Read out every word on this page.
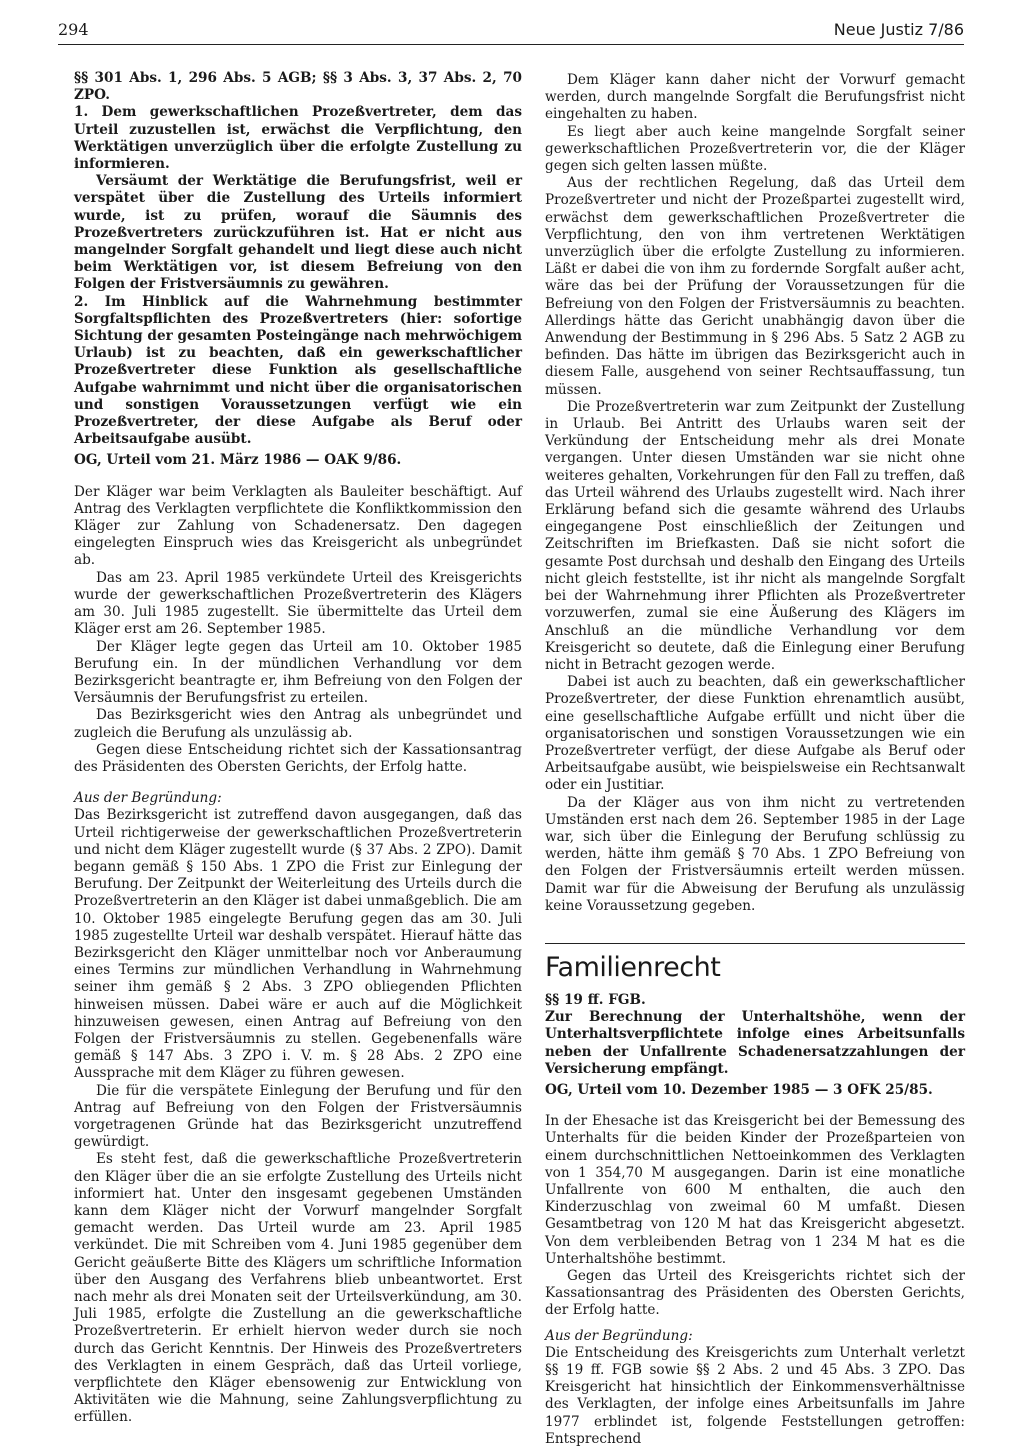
294	Neue Justiz 7/86

§§ 301 Abs. 1, 296 Abs. 5 AGB; §§ 3 Abs. 3, 37 Abs. 2, 70 ZPO.

1. Dem gewerkschaftlichen Prozeßvertreter, dem das Urteil zuzustellen ist, erwächst die Verpflichtung, den Werktätigen unverzüglich über die erfolgte Zustellung zu informieren.

Versäumt der Werktätige die Berufungsfrist, weil er verspätet über die Zustellung des Urteils informiert wurde, ist zu prüfen, worauf die Säumnis des Prozeßvertreters zurückzuführen ist. Hat er nicht aus mangelnder Sorgfalt gehandelt und liegt diese auch nicht beim Werktätigen vor, ist diesem Befreiung von den Folgen der Fristversäumnis zu gewähren.

2. Im Hinblick auf die Wahrnehmung bestimmter Sorgfaltspflichten des Prozeßvertreters (hier: sofortige Sichtung der gesamten Posteingänge nach mehrwöchigem Urlaub) ist zu beachten, daß ein gewerkschaftlicher Prozeßvertreter diese Funktion als gesellschaftliche Aufgabe wahrnimmt und nicht über die organisatorischen und sonstigen Voraussetzungen verfügt wie ein Prozeßvertreter, der diese Aufgabe als Beruf oder Arbeitsaufgabe ausübt.

OG, Urteil vom 21. März 1986 — OAK 9/86.

Der Kläger war beim Verklagten als Bauleiter beschäftigt. Auf Antrag des Verklagten verpflichtete die Konfliktkommission den Kläger zur Zahlung von Schadenersatz. Den dagegen eingelegten Einspruch wies das Kreisgericht als unbegründet ab.

Das am 23. April 1985 verkündete Urteil des Kreisgerichts wurde der gewerkschaftlichen Prozeßvertreterin des Klägers am 30. Juli 1985 zugestellt. Sie übermittelte das Urteil dem Kläger erst am 26. September 1985.

Der Kläger legte gegen das Urteil am 10. Oktober 1985 Berufung ein. In der mündlichen Verhandlung vor dem Bezirksgericht beantragte er, ihm Befreiung von den Folgen der Versäumnis der Berufungsfrist zu erteilen.

Das Bezirksgericht wies den Antrag als unbegründet und zugleich die Berufung als unzulässig ab.

Gegen diese Entscheidung richtet sich der Kassationsantrag des Präsidenten des Obersten Gerichts, der Erfolg hatte.

Aus der Begründung:

Das Bezirksgericht ist zutreffend davon ausgegangen, daß das Urteil richtigerweise der gewerkschaftlichen Prozeßvertreterin und nicht dem Kläger zugestellt wurde (§ 37 Abs. 2 ZPO). Damit begann gemäß § 150 Abs. 1 ZPO die Frist zur Einlegung der Berufung. Der Zeitpunkt der Weiterleitung des Urteils durch die Prozeßvertreterin an den Kläger ist dabei unmaßgeblich. Die am 10. Oktober 1985 eingelegte Berufung gegen das am 30. Juli 1985 zugestellte Urteil war deshalb verspätet. Hierauf hätte das Bezirksgericht den Kläger unmittelbar noch vor Anberaumung eines Termins zur mündlichen Verhandlung in Wahrnehmung seiner ihm gemäß § 2 Abs. 3 ZPO obliegenden Pflichten hinweisen müssen. Dabei wäre er auch auf die Möglichkeit hinzuweisen gewesen, einen Antrag auf Befreiung von den Folgen der Fristversäumnis zu stellen. Gegebenenfalls wäre gemäß § 147 Abs. 3 ZPO i. V. m. § 28 Abs. 2 ZPO eine Aussprache mit dem Kläger zu führen gewesen.

Die für die verspätete Einlegung der Berufung und für den Antrag auf Befreiung von den Folgen der Fristversäumnis vorgetragenen Gründe hat das Bezirksgericht unzutreffend gewürdigt.

Es steht fest, daß die gewerkschaftliche Prozeßvertreterin den Kläger über die an sie erfolgte Zustellung des Urteils nicht informiert hat. Unter den insgesamt gegebenen Umständen kann dem Kläger nicht der Vorwurf mangelnder Sorgfalt gemacht werden. Das Urteil wurde am 23. April 1985 verkündet. Die mit Schreiben vom 4. Juni 1985 gegenüber dem Gericht geäußerte Bitte des Klägers um schriftliche Information über den Ausgang des Verfahrens blieb unbeantwortet. Erst nach mehr als drei Monaten seit der Urteilsverkündung, am 30. Juli 1985, erfolgte die Zustellung an die gewerkschaftliche Prozeßvertreterin. Er erhielt hiervon weder durch sie noch durch das Gericht Kenntnis. Der Hinweis des Prozeßvertreters des Verklagten in einem Gespräch, daß das Urteil vorliege, verpflichtete den Kläger ebensowenig zur Entwicklung von Aktivitäten wie die Mahnung, seine Zahlungsverpflichtung zu erfüllen.

Dem Kläger kann daher nicht der Vorwurf gemacht werden, durch mangelnde Sorgfalt die Berufungsfrist nicht eingehalten zu haben.

Es liegt aber auch keine mangelnde Sorgfalt seiner gewerkschaftlichen Prozeßvertreterin vor, die der Kläger gegen sich gelten lassen müßte.

Aus der rechtlichen Regelung, daß das Urteil dem Prozeßvertreter und nicht der Prozeßpartei zugestellt wird, erwächst dem gewerkschaftlichen Prozeßvertreter die Verpflichtung, den von ihm vertretenen Werktätigen unverzüglich über die erfolgte Zustellung zu informieren. Läßt er dabei die von ihm zu fordernde Sorgfalt außer acht, wäre das bei der Prüfung der Voraussetzungen für die Befreiung von den Folgen der Fristversäumnis zu beachten. Allerdings hätte das Gericht unabhängig davon über die Anwendung der Bestimmung in § 296 Abs. 5 Satz 2 AGB zu befinden. Das hätte im übrigen das Bezirksgericht auch in diesem Falle, ausgehend von seiner Rechtsauffassung, tun müssen.

Die Prozeßvertreterin war zum Zeitpunkt der Zustellung in Urlaub. Bei Antritt des Urlaubs waren seit der Verkündung der Entscheidung mehr als drei Monate vergangen. Unter diesen Umständen war sie nicht ohne weiteres gehalten, Vorkehrungen für den Fall zu treffen, daß das Urteil während des Urlaubs zugestellt wird. Nach ihrer Erklärung befand sich die gesamte während des Urlaubs eingegangene Post einschließlich der Zeitungen und Zeitschriften im Briefkasten. Daß sie nicht sofort die gesamte Post durchsah und deshalb den Eingang des Urteils nicht gleich feststellte, ist ihr nicht als mangelnde Sorgfalt bei der Wahrnehmung ihrer Pflichten als Prozeßvertreter vorzuwerfen, zumal sie eine Äußerung des Klägers im Anschluß an die mündliche Verhandlung vor dem Kreisgericht so deutete, daß die Einlegung einer Berufung nicht in Betracht gezogen werde.

Dabei ist auch zu beachten, daß ein gewerkschaftlicher Prozeßvertreter, der diese Funktion ehrenamtlich ausübt, eine gesellschaftliche Aufgabe erfüllt und nicht über die organisatorischen und sonstigen Voraussetzungen wie ein Prozeßvertreter verfügt, der diese Aufgabe als Beruf oder Arbeitsaufgabe ausübt, wie beispielsweise ein Rechtsanwalt oder ein Justitiar.

Da der Kläger aus von ihm nicht zu vertretenden Umständen erst nach dem 26. September 1985 in der Lage war, sich über die Einlegung der Berufung schlüssig zu werden, hätte ihm gemäß § 70 Abs. 1 ZPO Befreiung von den Folgen der Fristversäumnis erteilt werden müssen. Damit war für die Abweisung der Berufung als unzulässig keine Voraussetzung gegeben.

Familienrecht

§§ 19 ff. FGB.

Zur Berechnung der Unterhaltshöhe, wenn der Unterhaltsverpflichtete infolge eines Arbeitsunfalls neben der Unfallrente Schadenersatzzahlungen der Versicherung empfängt.

OG, Urteil vom 10. Dezember 1985 — 3 OFK 25/85.

In der Ehesache ist das Kreisgericht bei der Bemessung des Unterhalts für die beiden Kinder der Prozeßparteien von einem durchschnittlichen Nettoeinkommen des Verklagten von 1 354,70 M ausgegangen. Darin ist eine monatliche Unfallrente von 600 M enthalten, die auch den Kinderzuschlag von zweimal 60 M umfaßt. Diesen Gesamtbetrag von 120 M hat das Kreisgericht abgesetzt. Von dem verbleibenden Betrag von 1 234 M hat es die Unterhaltshöhe bestimmt.

Gegen das Urteil des Kreisgerichts richtet sich der Kassationsantrag des Präsidenten des Obersten Gerichts, der Erfolg hatte.

Aus der Begründung:

Die Entscheidung des Kreisgerichts zum Unterhalt verletzt §§ 19 ff. FGB sowie §§ 2 Abs. 2 und 45 Abs. 3 ZPO. Das Kreisgericht hat hinsichtlich der Einkommensverhältnisse des Verklagten, der infolge eines Arbeitsunfalls im Jahre 1977 erblindet ist, folgende Feststellungen getroffen: Entsprechend
